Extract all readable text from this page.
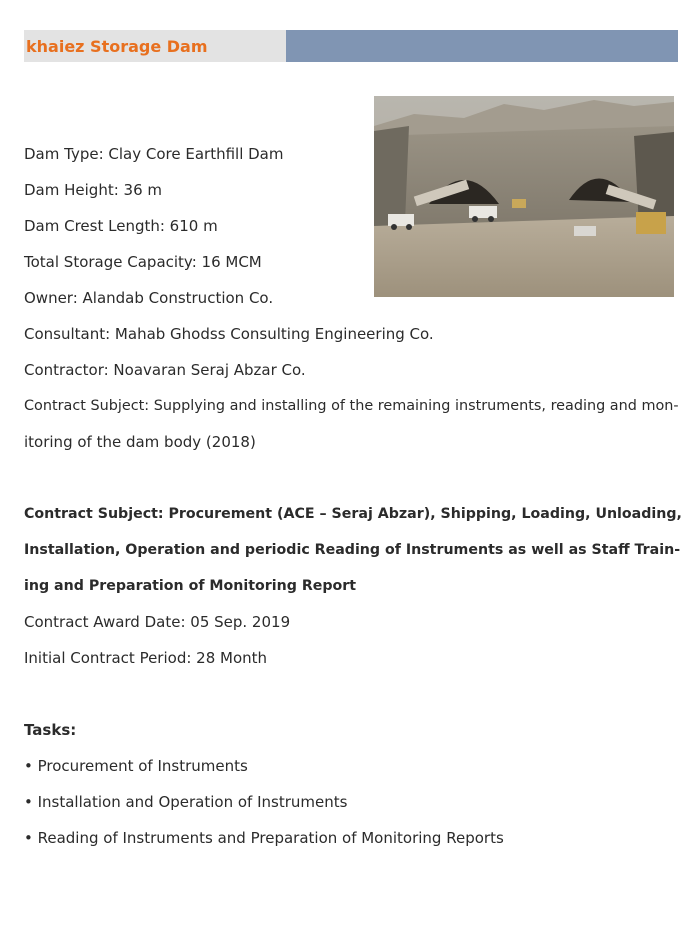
khaiez Storage Dam

Dam Type: Clay Core Earthfill Dam

Dam Height: 36 m

Dam Crest Length: 610 m

Total Storage Capacity: 16 MCM

Owner: Alandab Construction Co.

Consultant: Mahab Ghodss Consulting Engineering Co.

Contractor: Noavaran Seraj Abzar Co.

Contract Subject: Supplying and installing of the remaining instruments, reading and mon-

itoring of the dam body (2018)

Contract Subject: Procurement (ACE – Seraj Abzar), Shipping, Loading, Unloading,

Installation, Operation and periodic Reading of Instruments as well as Staff Train-

ing and Preparation of Monitoring Report

Contract Award Date: 05 Sep. 2019

Initial Contract Period: 28 Month

Tasks:

• Procurement of Instruments

• Installation and Operation of Instruments

• Reading of Instruments and Preparation of Monitoring Reports
